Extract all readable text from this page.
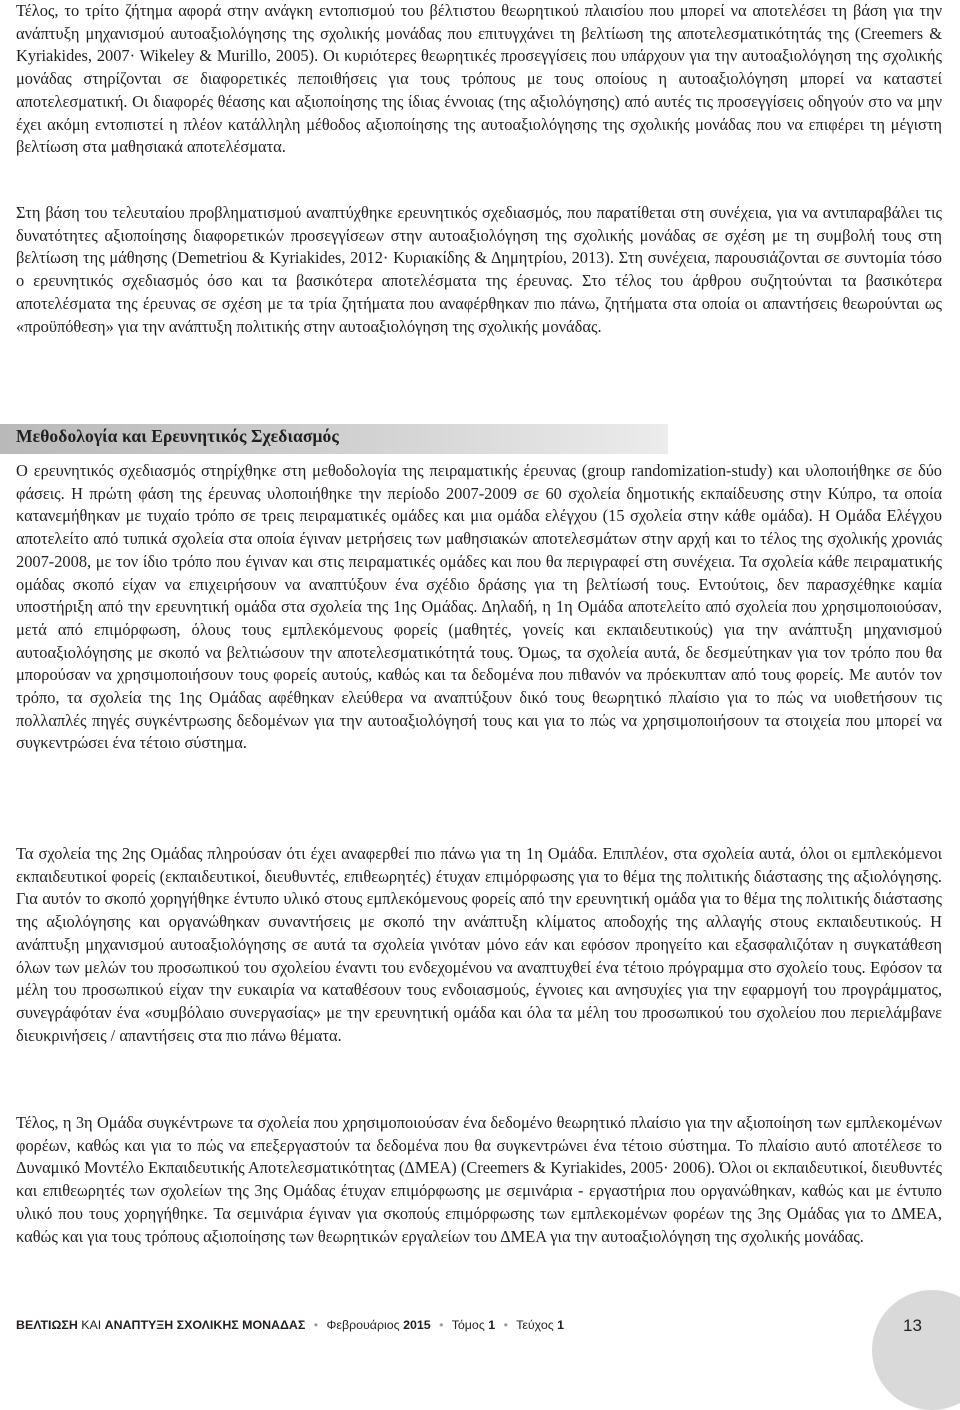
Τέλος, το τρίτο ζήτημα αφορά στην ανάγκη εντοπισμού του βέλτιστου θεωρητικού πλαισίου που μπορεί να αποτελέσει τη βάση για την ανάπτυξη μηχανισμού αυτοαξιολόγησης της σχολικής μονάδας που επιτυγχάνει τη βελτίωση της αποτελεσματικότητάς της (Creemers & Kyriakides, 2007· Wikeley & Murillo, 2005). Οι κυριότερες θεωρητικές προσεγγίσεις που υπάρχουν για την αυτοαξιολόγηση της σχολικής μονάδας στηρίζονται σε διαφορετικές πεποιθήσεις για τους τρόπους με τους οποίους η αυτοαξιολόγηση μπορεί να καταστεί αποτελεσματική. Οι διαφορές θέασης και αξιοποίησης της ίδιας έννοιας (της αξιολόγησης) από αυτές τις προσεγγίσεις οδηγούν στο να μην έχει ακόμη εντοπιστεί η πλέον κατάλληλη μέθοδος αξιοποίησης της αυτοαξιολόγησης της σχολικής μονάδας που να επιφέρει τη μέγιστη βελτίωση στα μαθησιακά αποτελέσματα.

Στη βάση του τελευταίου προβληματισμού αναπτύχθηκε ερευνητικός σχεδιασμός, που παρατίθεται στη συνέχεια, για να αντιπαραβάλει τις δυνατότητες αξιοποίησης διαφορετικών προσεγγίσεων στην αυτοαξιολόγηση της σχολικής μονάδας σε σχέση με τη συμβολή τους στη βελτίωση της μάθησης (Demetriou & Kyriakides, 2012· Κυριακίδης & Δημητρίου, 2013). Στη συνέχεια, παρουσιάζονται σε συντομία τόσο ο ερευνητικός σχεδιασμός όσο και τα βασικότερα αποτελέσματα της έρευνας. Στο τέλος του άρθρου συζητούνται τα βασικότερα αποτελέσματα της έρευνας σε σχέση με τα τρία ζητήματα που αναφέρθηκαν πιο πάνω, ζητήματα στα οποία οι απαντήσεις θεωρούνται ως «προϋπόθεση» για την ανάπτυξη πολιτικής στην αυτοαξιολόγηση της σχολικής μονάδας.

Μεθοδολογία και Ερευνητικός Σχεδιασμός

Ο ερευνητικός σχεδιασμός στηρίχθηκε στη μεθοδολογία της πειραματικής έρευνας (group randomization-study) και υλοποιήθηκε σε δύο φάσεις. Η πρώτη φάση της έρευνας υλοποιήθηκε την περίοδο 2007-2009 σε 60 σχολεία δημοτικής εκπαίδευσης στην Κύπρο, τα οποία κατανεμήθηκαν με τυχαίο τρόπο σε τρεις πειραματικές ομάδες και μια ομάδα ελέγχου (15 σχολεία στην κάθε ομάδα). Η Ομάδα Ελέγχου αποτελείτο από τυπικά σχολεία στα οποία έγιναν μετρήσεις των μαθησιακών αποτελεσμάτων στην αρχή και το τέλος της σχολικής χρονιάς 2007-2008, με τον ίδιο τρόπο που έγιναν και στις πειραματικές ομάδες και που θα περιγραφεί στη συνέχεια. Τα σχολεία κάθε πειραματικής ομάδας σκοπό είχαν να επιχειρήσουν να αναπτύξουν ένα σχέδιο δράσης για τη βελτίωσή τους. Εντούτοις, δεν παρασχέθηκε καμία υποστήριξη από την ερευνητική ομάδα στα σχολεία της 1ης Ομάδας. Δηλαδή, η 1η Ομάδα αποτελείτο από σχολεία που χρησιμοποιούσαν, μετά από επιμόρφωση, όλους τους εμπλεκόμενους φορείς (μαθητές, γονείς και εκπαιδευτικούς) για την ανάπτυξη μηχανισμού αυτοαξιολόγησης με σκοπό να βελτιώσουν την αποτελεσματικότητά τους. Όμως, τα σχολεία αυτά, δε δεσμεύτηκαν για τον τρόπο που θα μπορούσαν να χρησιμοποιήσουν τους φορείς αυτούς, καθώς και τα δεδομένα που πιθανόν να πρόεκυπταν από τους φορείς. Με αυτόν τον τρόπο, τα σχολεία της 1ης Ομάδας αφέθηκαν ελεύθερα να αναπτύξουν δικό τους θεωρητικό πλαίσιο για το πώς να υιοθετήσουν τις πολλαπλές πηγές συγκέντρωσης δεδομένων για την αυτοαξιολόγησή τους και για το πώς να χρησιμοποιήσουν τα στοιχεία που μπορεί να συγκεντρώσει ένα τέτοιο σύστημα.

Τα σχολεία της 2ης Ομάδας πληρούσαν ότι έχει αναφερθεί πιο πάνω για τη 1η Ομάδα. Επιπλέον, στα σχολεία αυτά, όλοι οι εμπλεκόμενοι εκπαιδευτικοί φορείς (εκπαιδευτικοί, διευθυντές, επιθεωρητές) έτυχαν επιμόρφωσης για το θέμα της πολιτικής διάστασης της αξιολόγησης. Για αυτόν το σκοπό χορηγήθηκε έντυπο υλικό στους εμπλεκόμενους φορείς από την ερευνητική ομάδα για το θέμα της πολιτικής διάστασης της αξιολόγησης και οργανώθηκαν συναντήσεις με σκοπό την ανάπτυξη κλίματος αποδοχής της αλλαγής στους εκπαιδευτικούς. Η ανάπτυξη μηχανισμού αυτοαξιολόγησης σε αυτά τα σχολεία γινόταν μόνο εάν και εφόσον προηγείτο και εξασφαλιζόταν η συγκατάθεση όλων των μελών του προσωπικού του σχολείου έναντι του ενδεχομένου να αναπτυχθεί ένα τέτοιο πρόγραμμα στο σχολείο τους. Εφόσον τα μέλη του προσωπικού είχαν την ευκαιρία να καταθέσουν τους ενδοιασμούς, έγνοιες και ανησυχίες για την εφαρμογή του προγράμματος, συνεγράφόταν ένα «συμβόλαιο συνεργασίας» με την ερευνητική ομάδα και όλα τα μέλη του προσωπικού του σχολείου που περιελάμβανε διευκρινήσεις / απαντήσεις στα πιο πάνω θέματα.

Τέλος, η 3η Ομάδα συγκέντρωνε τα σχολεία που χρησιμοποιούσαν ένα δεδομένο θεωρητικό πλαίσιο για την αξιοποίηση των εμπλεκομένων φορέων, καθώς και για το πώς να επεξεργαστούν τα δεδομένα που θα συγκεντρώνει ένα τέτοιο σύστημα. Το πλαίσιο αυτό αποτέλεσε το Δυναμικό Μοντέλο Εκπαιδευτικής Αποτελεσματικότητας (ΔΜΕΑ) (Creemers & Kyriakides, 2005· 2006). Όλοι οι εκπαιδευτικοί, διευθυντές και επιθεωρητές των σχολείων της 3ης Ομάδας έτυχαν επιμόρφωσης με σεμινάρια - εργαστήρια που οργανώθηκαν, καθώς και με έντυπο υλικό που τους χορηγήθηκε. Τα σεμινάρια έγιναν για σκοπούς επιμόρφωσης των εμπλεκομένων φορέων της 3ης Ομάδας για το ΔΜΕΑ, καθώς και για τους τρόπους αξιοποίησης των θεωρητικών εργαλείων του ΔΜΕΑ για την αυτοαξιολόγηση της σχολικής μονάδας.

13
ΒΕΛΤΙΩΣΗ ΚΑΙ ΑΝΑΠΤΥΞΗ ΣΧΟΛΙΚΗΣ ΜΟΝΑΔΑΣ • Φεβρουάριος 2015 • Τόμος 1 • Τεύχος 1
